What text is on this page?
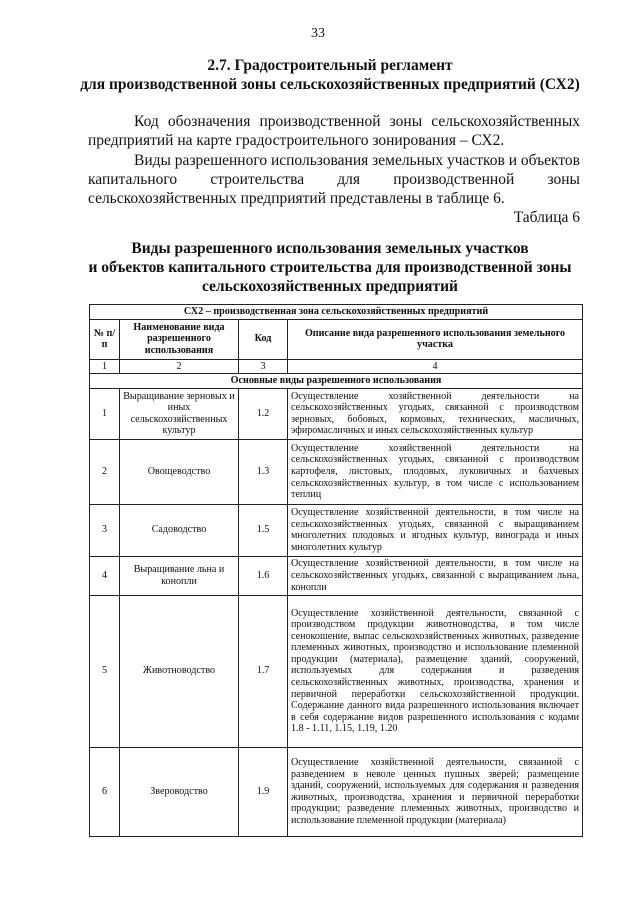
33
2.7. Градостроительный регламент
для производственной зоны сельскохозяйственных предприятий (СХ2)
Код обозначения производственной зоны сельскохозяйственных предприятий на карте градостроительного зонирования – СХ2.
Виды разрешенного использования земельных участков и объектов
капитального строительства для производственной зоны
сельскохозяйственных предприятий представлены в таблице 6.
Таблица 6
Виды разрешенного использования земельных участков
и объектов капитального строительства для производственной зоны
сельскохозяйственных предприятий
СХ2 – производственная зона сельскохозяйственных предприятий			
№ п/п	Наименование вида разрешенного использования	Код	Описание вида разрешенного использования земельного участка
1	2	3	4
Основные виды разрешенного использования			
1	Выращивание зерновых и иных сельскохозяйственных культур	1.2	Осуществление хозяйственной деятельности на сельскохозяйственных угодьях, связанной с производством зерновых, бобовых, кормовых, технических, масличных, эфиромасличных и иных сельскохозяйственных культур
2	Овощеводство	1.3	Осуществление хозяйственной деятельности на сельскохозяйственных угодьях, связанной с производством картофеля, листовых, плодовых, луковичных и бахчевых сельскохозяйственных культур, в том числе с использованием теплиц
3	Садоводство	1.5	Осуществление хозяйственной деятельности, в том числе на сельскохозяйственных угодьях, связанной с выращиванием многолетних плодовых и ягодных культур, винограда и иных многолетних культур
4	Выращивание льна и конопли	1.6	Осуществление хозяйственной деятельности, в том числе на сельскохозяйственных угодьях, связанной с выращиванием льна, конопли
5	Животноводство	1.7	Осуществление хозяйственной деятельности, связанной с производством продукции животноводства, в том числе сенокошение, выпас сельскохозяйственных животных, разведение племенных животных, производство и использование племенной продукции (материала), размещение зданий, сооружений, используемых для содержания и разведения сельскохозяйственных животных, производства, хранения и первичной переработки сельскохозяйственной продукции. Содержание данного вида разрешенного использования включает в себя содержание видов разрешенного использования с кодами 1.8 - 1.11, 1.15, 1.19, 1.20
6	Звероводство	1.9	Осуществление хозяйственной деятельности, связанной с разведением в неволе ценных пушных зверей; размещение зданий, сооружений, используемых для содержания и разведения животных, производства, хранения и первичной переработки продукции; разведение племенных животных, производство и использование племенной продукции (материала)
